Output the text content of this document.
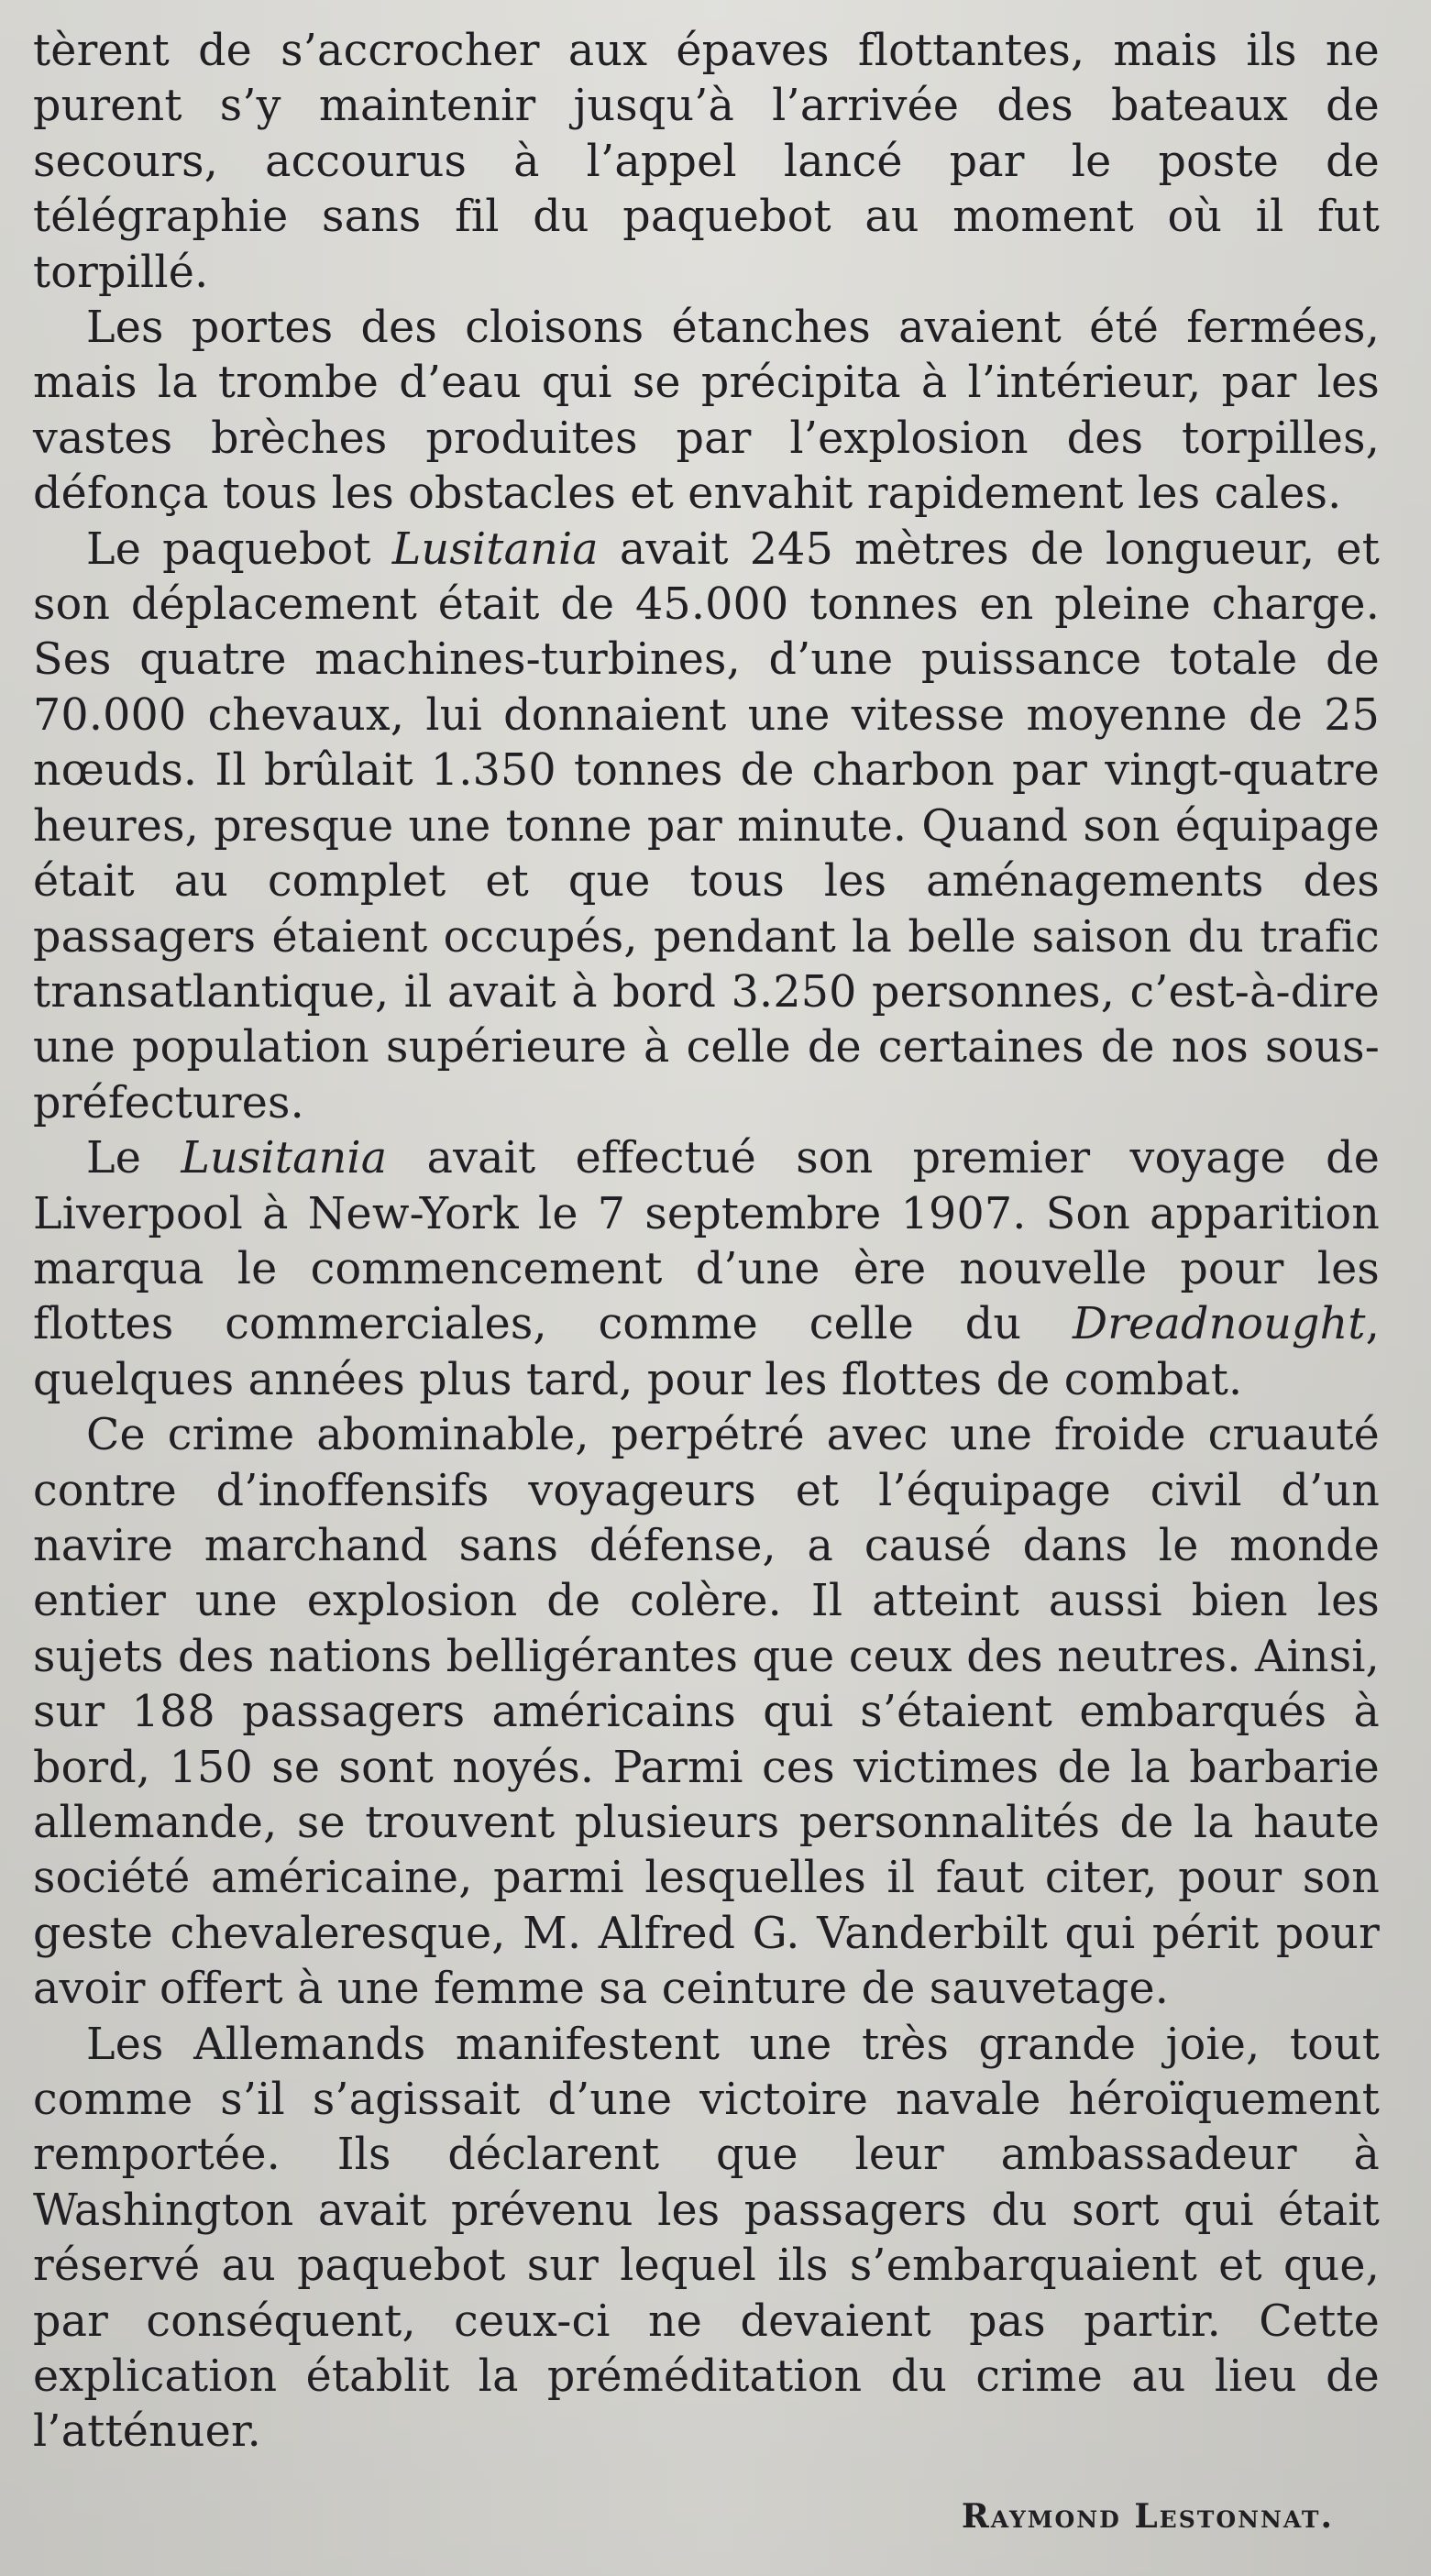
tèrent de s’accrocher aux épaves flottantes, mais ils ne purent s’y maintenir jusqu’à l’arrivée des bateaux de secours, accourus à l’appel lancé par le poste de télégraphie sans fil du paquebot au moment où il fut torpillé.

Les portes des cloisons étanches avaient été fermées, mais la trombe d’eau qui se précipita à l’intérieur, par les vastes brèches produites par l’explosion des torpilles, défonça tous les obstacles et envahit rapidement les cales.

Le paquebot Lusitania avait 245 mètres de longueur, et son déplacement était de 45.000 tonnes en pleine charge. Ses quatre machines-turbines, d’une puissance totale de 70.000 chevaux, lui donnaient une vitesse moyenne de 25 nœuds. Il brûlait 1.350 tonnes de charbon par vingt-quatre heures, presque une tonne par minute. Quand son équipage était au complet et que tous les aménagements des passagers étaient occupés, pendant la belle saison du trafic transatlantique, il avait à bord 3.250 personnes, c’est-à-dire une population supérieure à celle de certaines de nos sous-préfectures.

Le Lusitania avait effectué son premier voyage de Liverpool à New-York le 7 septembre 1907. Son apparition marqua le commencement d’une ère nouvelle pour les flottes commerciales, comme celle du Dreadnought, quelques années plus tard, pour les flottes de combat.

Ce crime abominable, perpétré avec une froide cruauté contre d’inoffensifs voyageurs et l’équipage civil d’un navire marchand sans défense, a causé dans le monde entier une explosion de colère. Il atteint aussi bien les sujets des nations belligérantes que ceux des neutres. Ainsi, sur 188 passagers américains qui s’étaient embarqués à bord, 150 se sont noyés. Parmi ces victimes de la barbarie allemande, se trouvent plusieurs personnalités de la haute société américaine, parmi lesquelles il faut citer, pour son geste chevaleresque, M. Alfred G. Vanderbilt qui périt pour avoir offert à une femme sa ceinture de sauvetage.

Les Allemands manifestent une très grande joie, tout comme s’il s’agissait d’une victoire navale héroïquement remportée. Ils déclarent que leur ambassadeur à Washington avait prévenu les passagers du sort qui était réservé au paquebot sur lequel ils s’embarquaient et que, par conséquent, ceux-ci ne devaient pas partir. Cette explication établit la préméditation du crime au lieu de l’atténuer.

Raymond Lestonnat.
